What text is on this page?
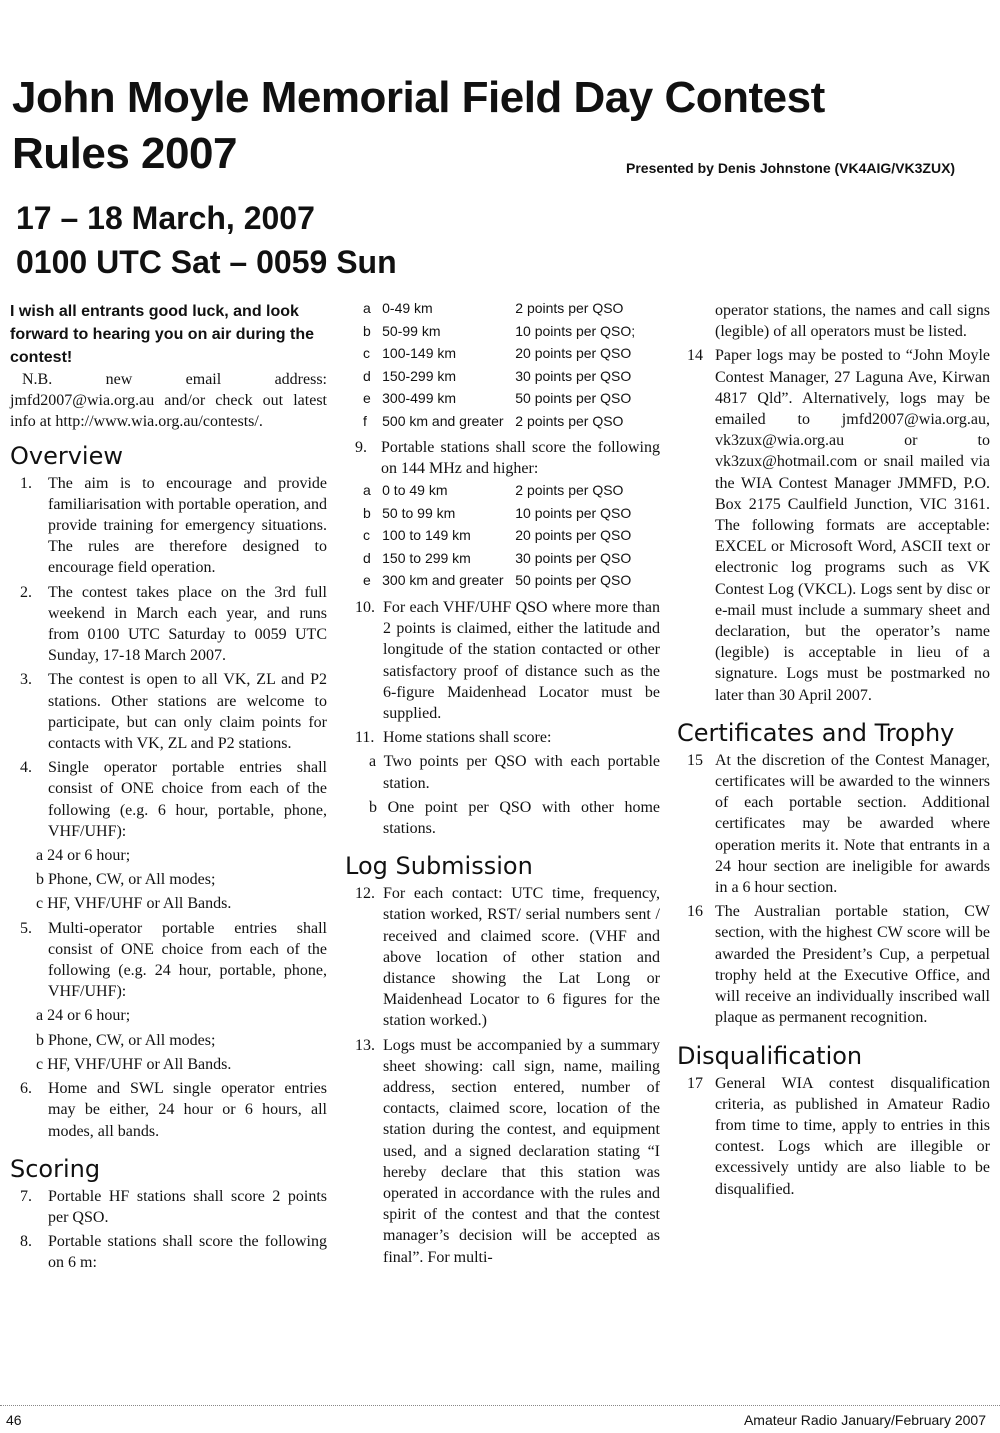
John Moyle Memorial Field Day Contest
Rules 2007	Presented by Denis Johnstone (VK4AIG/VK3ZUX)
17 – 18 March, 2007
0100 UTC Sat – 0059 Sun
I wish all entrants good luck, and look forward to hearing you on air during the contest!
N.B. new email address: jmfd2007@wia.org.au and/or check out latest info at http://www.wia.org.au/contests/.
Overview
1. The aim is to encourage and provide familiarisation with portable operation, and provide training for emergency situations. The rules are therefore designed to encourage field operation.
2. The contest takes place on the 3rd full weekend in March each year, and runs from 0100 UTC Saturday to 0059 UTC Sunday, 17-18 March 2007.
3. The contest is open to all VK, ZL and P2 stations. Other stations are welcome to participate, but can only claim points for contacts with VK, ZL and P2 stations.
4. Single operator portable entries shall consist of ONE choice from each of the following (e.g. 6 hour, portable, phone, VHF/UHF):
a 24 or 6 hour;
b Phone, CW, or All modes;
c HF, VHF/UHF or All Bands.
5. Multi-operator portable entries shall consist of ONE choice from each of the following (e.g. 24 hour, portable, phone, VHF/UHF):
a 24 or 6 hour;
b Phone, CW, or All modes;
c HF, VHF/UHF or All Bands.
6. Home and SWL single operator entries may be either, 24 hour or 6 hours, all modes, all bands.
Scoring
7. Portable HF stations shall score 2 points per QSO.
8. Portable stations shall score the following on 6 m:
a	0-49 km	2 points per QSO
b	50-99 km	10 points per QSO;
c	100-149 km	20 points per QSO
d	150-299 km	30 points per QSO
e	300-499 km	50 points per QSO
f	500 km and greater	2 points per QSO
9. Portable stations shall score the following on 144 MHz and higher:
a	0 to 49 km	2 points per QSO
b	50 to 99 km	10 points per QSO
c	100 to 149 km	20 points per QSO
d	150 to 299 km	30 points per QSO
e	300 km and greater	50 points per QSO
10. For each VHF/UHF QSO where more than 2 points is claimed, either the latitude and longitude of the station contacted or other satisfactory proof of distance such as the 6-figure Maidenhead Locator must be supplied.
11. Home stations shall score:
a Two points per QSO with each portable station.
b One point per QSO with other home stations.
Log Submission
12. For each contact: UTC time, frequency, station worked, RST/ serial numbers sent / received and claimed score. (VHF and above location of other station and distance showing the Lat Long or Maidenhead Locator to 6 figures for the station worked.)
13. Logs must be accompanied by a summary sheet showing: call sign, name, mailing address, section entered, number of contacts, claimed score, location of the station during the contest, and equipment used, and a signed declaration stating “I hereby declare that this station was operated in accordance with the rules and spirit of the contest and that the contest manager’s decision will be accepted as final”. For multi-
operator stations, the names and call signs (legible) of all operators must be listed.
14 Paper logs may be posted to “John Moyle Contest Manager, 27 Laguna Ave, Kirwan 4817 Qld”. Alternatively, logs may be emailed to jmfd2007@wia.org.au, vk3zux@wia.org.au or to vk3zux@hotmail.com or snail mailed via the WIA Contest Manager JMMFD, P.O. Box 2175 Caulfield Junction, VIC 3161. The following formats are acceptable: EXCEL or Microsoft Word, ASCII text or electronic log programs such as VK Contest Log (VKCL). Logs sent by disc or e-mail must include a summary sheet and declaration, but the operator’s name (legible) is acceptable in lieu of a signature. Logs must be postmarked no later than 30 April 2007.
Certificates and Trophy
15 At the discretion of the Contest Manager, certificates will be awarded to the winners of each portable section. Additional certificates may be awarded where operation merits it. Note that entrants in a 24 hour section are ineligible for awards in a 6 hour section.
16 The Australian portable station, CW section, with the highest CW score will be awarded the President’s Cup, a perpetual trophy held at the Executive Office, and will receive an individually inscribed wall plaque as permanent recognition.
Disqualification
17 General WIA contest disqualification criteria, as published in Amateur Radio from time to time, apply to entries in this contest. Logs which are illegible or excessively untidy are also liable to be disqualified.
46	Amateur Radio January/February 2007
